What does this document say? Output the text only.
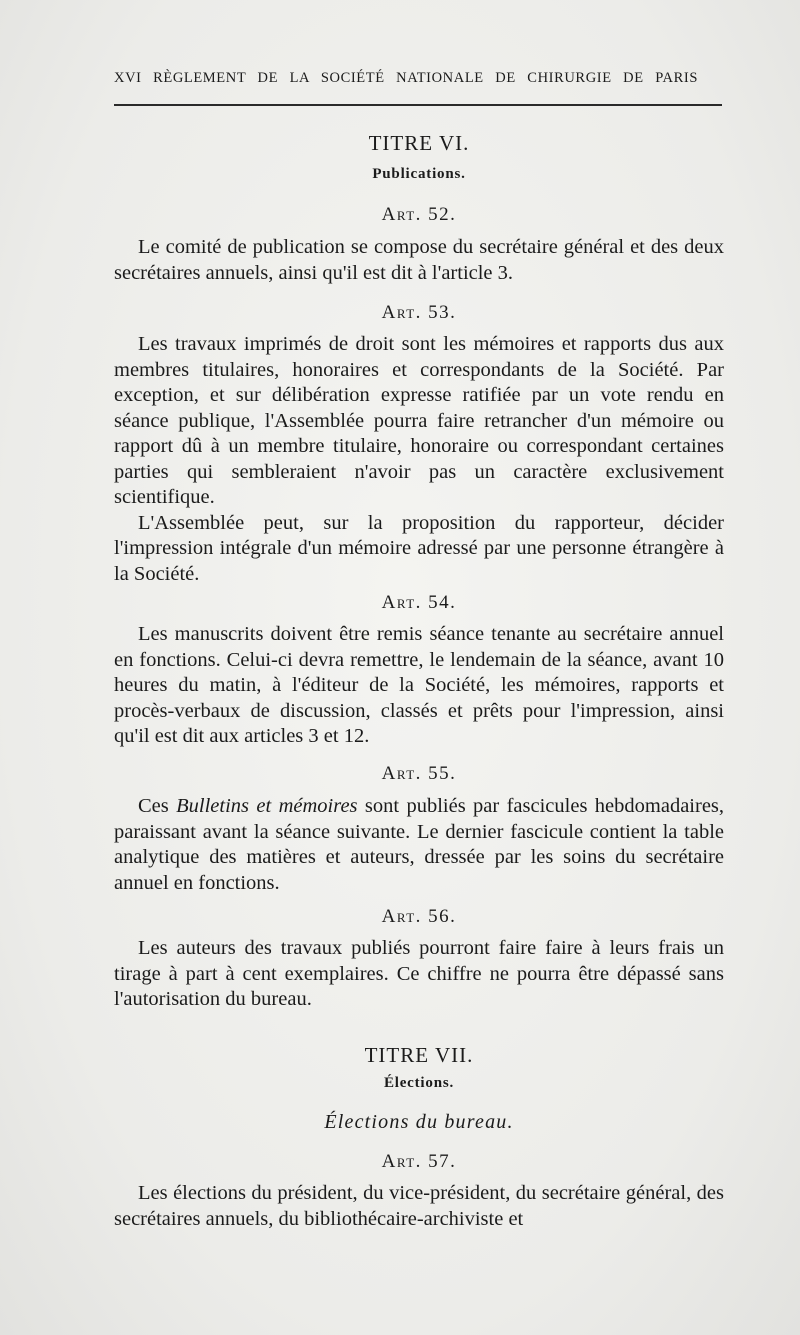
XVI RÈGLEMENT DE LA SOCIÉTÉ NATIONALE DE CHIRURGIE DE PARIS
TITRE VI.
Publications.
Art. 52.

Le comité de publication se compose du secrétaire général et des deux secrétaires annuels, ainsi qu'il est dit à l'article 3.

Art. 53.

Les travaux imprimés de droit sont les mémoires et rapports dus aux membres titulaires, honoraires et correspondants de la Société. Par exception, et sur délibération expresse ratifiée par un vote rendu en séance publique, l'Assemblée pourra faire retrancher d'un mémoire ou rapport dû à un membre titulaire, honoraire ou correspondant certaines parties qui sembleraient n'avoir pas un caractère exclusivement scientifique.

L'Assemblée peut, sur la proposition du rapporteur, décider l'impression intégrale d'un mémoire adressé par une personne étrangère à la Société.

Art. 54.

Les manuscrits doivent être remis séance tenante au secrétaire annuel en fonctions. Celui-ci devra remettre, le lendemain de la séance, avant 10 heures du matin, à l'éditeur de la Société, les mémoires, rapports et procès-verbaux de discussion, classés et prêts pour l'impression, ainsi qu'il est dit aux articles 3 et 12.

Art. 55.

Ces Bulletins et mémoires sont publiés par fascicules hebdomadaires, paraissant avant la séance suivante. Le dernier fascicule contient la table analytique des matières et auteurs, dressée par les soins du secrétaire annuel en fonctions.

Art. 56.

Les auteurs des travaux publiés pourront faire faire à leurs frais un tirage à part à cent exemplaires. Ce chiffre ne pourra être dépassé sans l'autorisation du bureau.

TITRE VII.
Élections.
Élections du bureau.
Art. 57.

Les élections du président, du vice-président, du secrétaire général, des secrétaires annuels, du bibliothécaire-archiviste et
